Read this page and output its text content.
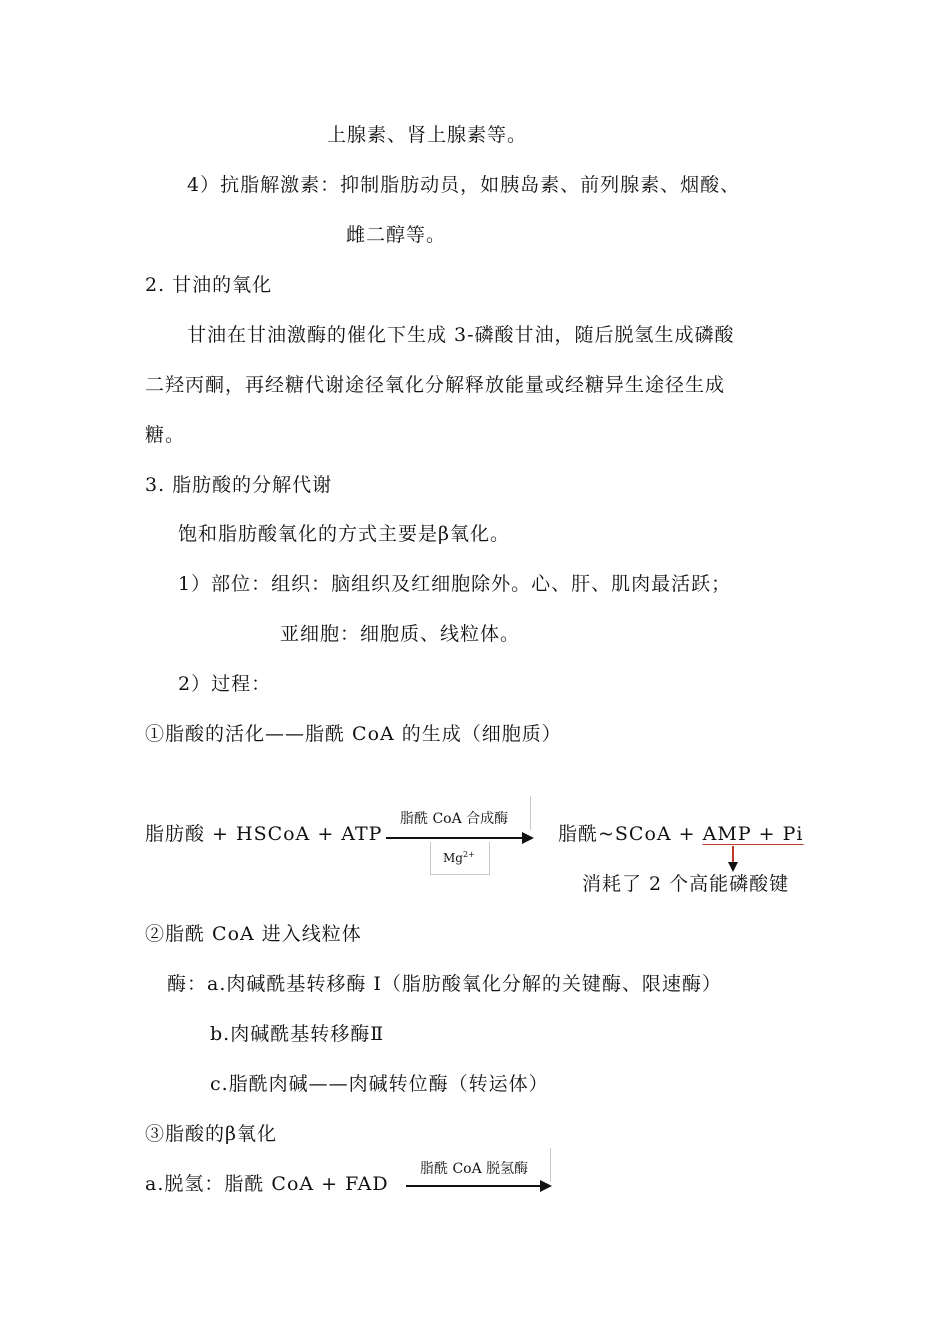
上腺素、肾上腺素等。
4）抗脂解激素：抑制脂肪动员，如胰岛素、前列腺素、烟酸、
雌二醇等。
2. 甘油的氧化
甘油在甘油激酶的催化下生成 3-磷酸甘油，随后脱氢生成磷酸
二羟丙酮，再经糖代谢途径氧化分解释放能量或经糖异生途径生成
糖。
3. 脂肪酸的分解代谢
饱和脂肪酸氧化的方式主要是β氧化。
1）部位：组织：脑组织及红细胞除外。心、肝、肌肉最活跃；
亚细胞：细胞质、线粒体。
2）过程：
①脂酸的活化——脂酰 CoA 的生成（细胞质）
脂肪酸 + HSCoA + ATP
脂酰 CoA 合成酶
$Mg^{2+}$
脂酰~SCoA + AMP + Pi
消耗了 2 个高能磷酸键
②脂酰 CoA 进入线粒体
酶：a.肉碱酰基转移酶 I（脂肪酸氧化分解的关键酶、限速酶）
b.肉碱酰基转移酶Ⅱ
c.脂酰肉碱——肉碱转位酶（转运体）
③脂酸的β氧化
a.脱氢：脂酰 CoA + FAD
脂酰 CoA 脱氢酶
